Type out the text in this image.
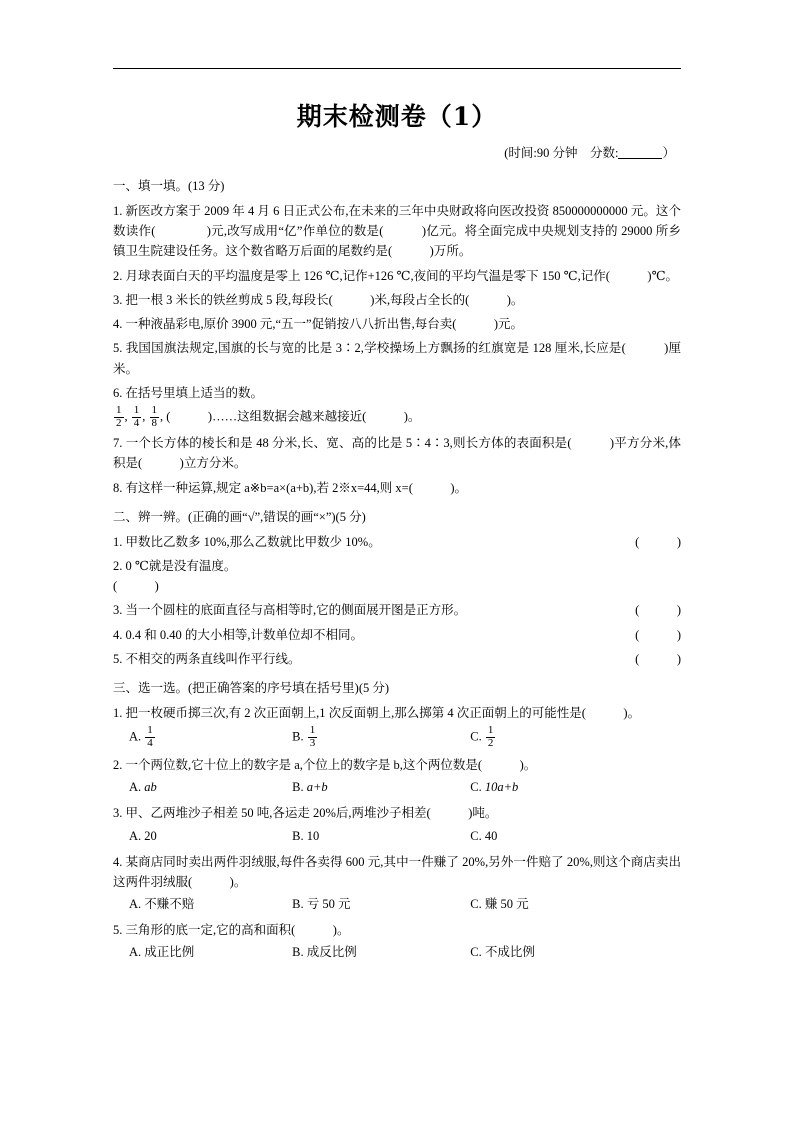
期末检测卷（1）
(时间:90 分钟　分数:	）
一、填一填。(13 分)

1. 新医改方案于 2009 年 4 月 6 日正式公布,在未来的三年中央财政将向医改投资 850000000000 元。这个数读作(　　　　)元,改写成用“亿”作单位的数是(　　　)亿元。将全面完成中央规划支持的 29000 所乡镇卫生院建设任务。这个数省略万后面的尾数约是(　　　)万所。

2. 月球表面白天的平均温度是零上 126 ℃,记作+126 ℃,夜间的平均气温是零下 150 ℃,记作(　　　)℃。

3. 把一根 3 米长的铁丝剪成 5 段,每段长(　　　)米,每段占全长的(　　　)。

4. 一种液晶彩电,原价 3900 元,“五一”促销按八八折出售,每台卖(　　　)元。

5. 我国国旗法规定,国旗的长与宽的比是 3∶2,学校操场上方飘扬的红旗宽是 128 厘米,长应是(　　　)厘米。

6. 在括号里填上适当的数。

$\frac{1}{2}$ , $\frac{1}{4}$ , $\frac{1}{8}$ , (　　　)……这组数据会越来越接近(　　　)。

7. 一个长方体的棱长和是 48 分米,长、宽、高的比是 5∶4∶3,则长方体的表面积是(　　　)平方分米,体积是(　　　)立方分米。

8. 有这样一种运算,规定 a※b=a×(a+b),若 2※x=44,则 x=(　　　)。

二、辨一辨。(正确的画“√”,错误的画“×”)(5 分)

1. 甲数比乙数多 10%,那么乙数就比甲数少 10%。	(　　　)

2. 0 ℃就是没有温度。
(　　　)

3. 当一个圆柱的底面直径与高相等时,它的侧面展开图是正方形。	(　　　)

4. 0.4 和 0.40 的大小相等,计数单位却不相同。	(　　　)

5. 不相交的两条直线叫作平行线。	(　　　)

三、选一选。(把正确答案的序号填在括号里)(5 分)

1. 把一枚硬币掷三次,有 2 次正面朝上,1 次反面朝上,那么掷第 4 次正面朝上的可能性是(　　　)。

A. $\frac{1}{4}$	B. $\frac{1}{3}$	C. $\frac{1}{2}$

2. 一个两位数,它十位上的数字是 a,个位上的数字是 b,这个两位数是(　　　)。

A. ab	B. a+b	C. 10a+b

3. 甲、乙两堆沙子相差 50 吨,各运走 20%后,两堆沙子相差(　　　)吨。

A. 20	B. 10	C. 40

4. 某商店同时卖出两件羽绒服,每件各卖得 600 元,其中一件赚了 20%,另外一件赔了 20%,则这个商店卖出这两件羽绒服(　　　)。

A. 不赚不赔	B. 亏 50 元	C. 赚 50 元

5. 三角形的底一定,它的高和面积(　　　)。

A. 成正比例	B. 成反比例	C. 不成比例
